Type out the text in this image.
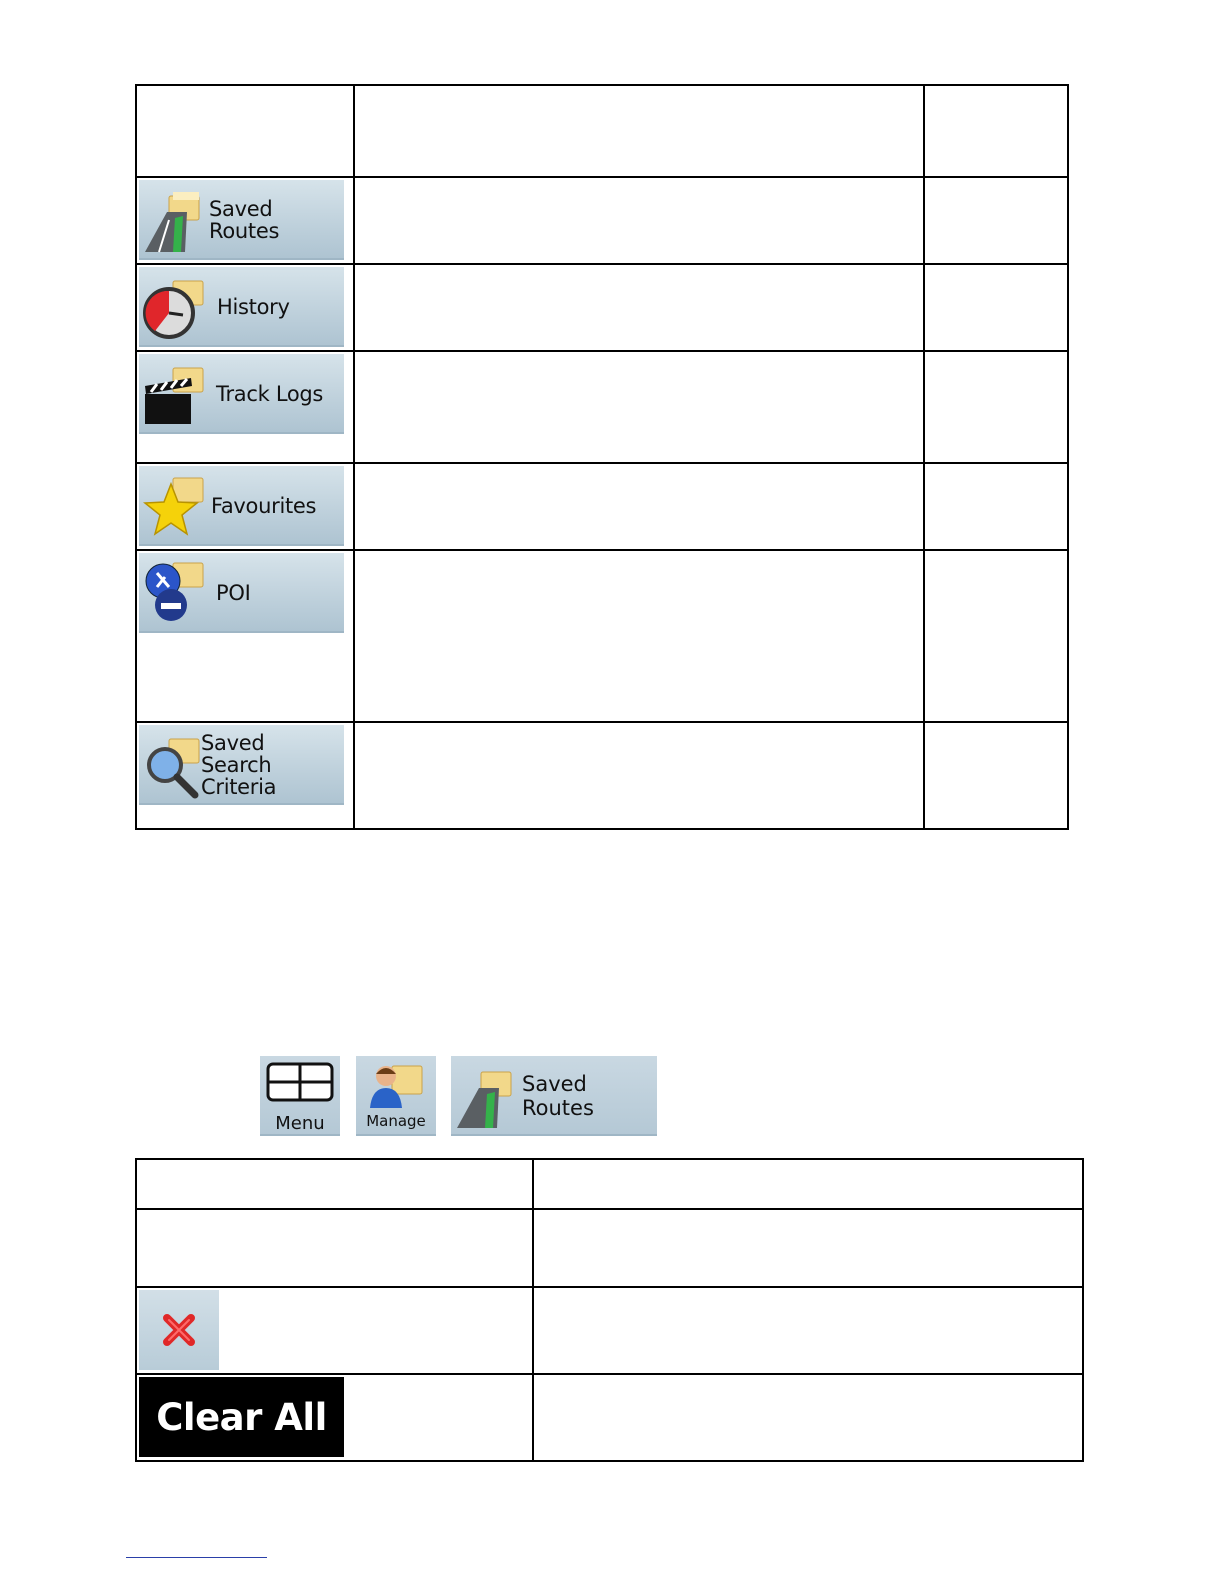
Saved Routes		

History		

Track Logs		

Favourites		

POI		

Saved
Search Criteria		

Menu	Manage
Saved Routes

Clear All	
